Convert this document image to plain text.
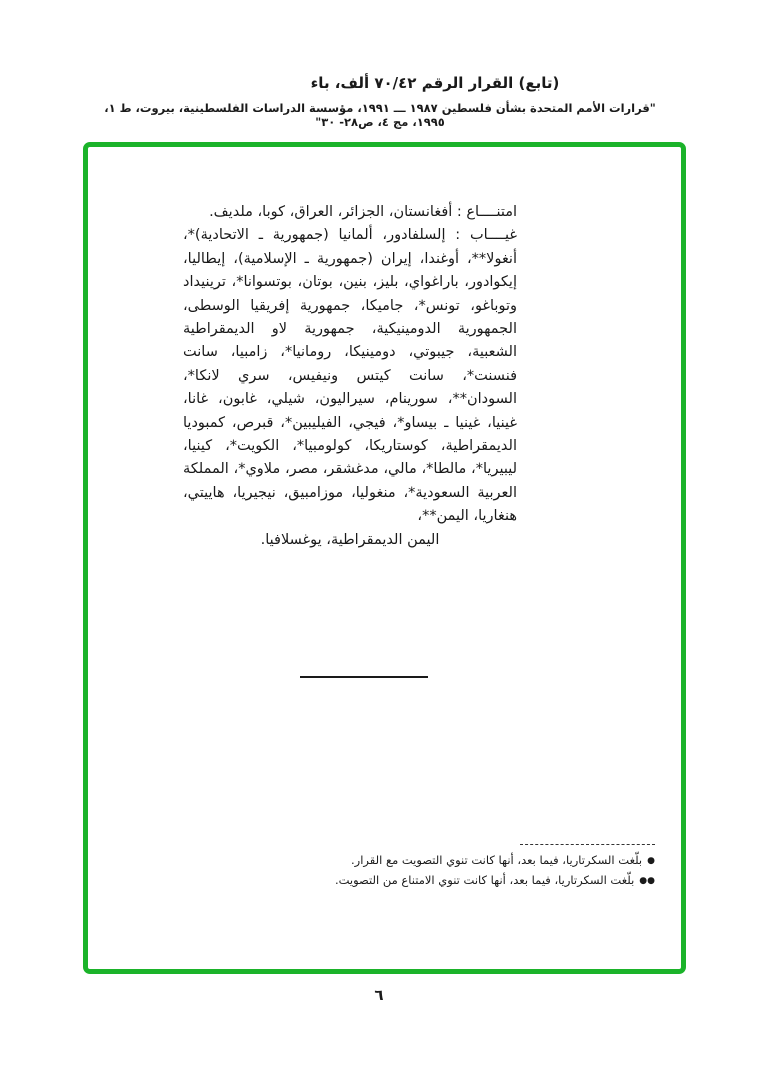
(تابع) القرار الرقم ٧٠/٤٢ ألف، باء
"قرارات الأمم المتحدة بشأن فلسطين ١٩٨٧ ـــ ١٩٩١، مؤسسة الدراسات الفلسطينية، بيروت، ط ١، ١٩٩٥، مج ٤، ص٢٨- ٣٠"

امتنــــاع : أفغانستان، الجزائر، العراق، كوبا، ملديف.

غيــــاب : إلسلفادور، ألمانيا (جمهورية ـ الاتحادية)*، أنغولا**، أوغندا، إيران (جمهورية ـ الإسلامية)، إيطاليا، إيكوادور، باراغواي، بليز، بنين، بوتان، بوتسوانا*، ترينيداد وتوباغو، تونس*، جاميكا، جمهورية إفريقيا الوسطى، الجمهورية الدومينيكية، جمهورية لاو الديمقراطية الشعبية، جيبوتي، دومينيكا، رومانيا*، زامبيا، سانت فنسنت*، سانت كيتس ونيفيس، سري لانكا*، السودان**، سورينام، سيراليون، شيلي، غابون، غانا، غينيا، غينيا ـ بيساو*، فيجي، الفيليبين*، قبرص، كمبوديا الديمقراطية، كوستاريكا، كولومبيا*، الكويت*، كينيا، ليبيريا*، مالطا*، مالي، مدغشقر، مصر، ملاوي*، المملكة العربية السعودية*، منغوليا، موزامبيق، نيجيريا، هاييتي، هنغاريا، اليمن**،

اليمن الديمقراطية، يوغسلافيا.

●بلّغت السكرتاريا، فيما بعد، أنها كانت تنوي التصويت مع القرار.

●●بلّغت السكرتاريا، فيما بعد، أنها كانت تنوي الامتناع من التصويت.

٦
